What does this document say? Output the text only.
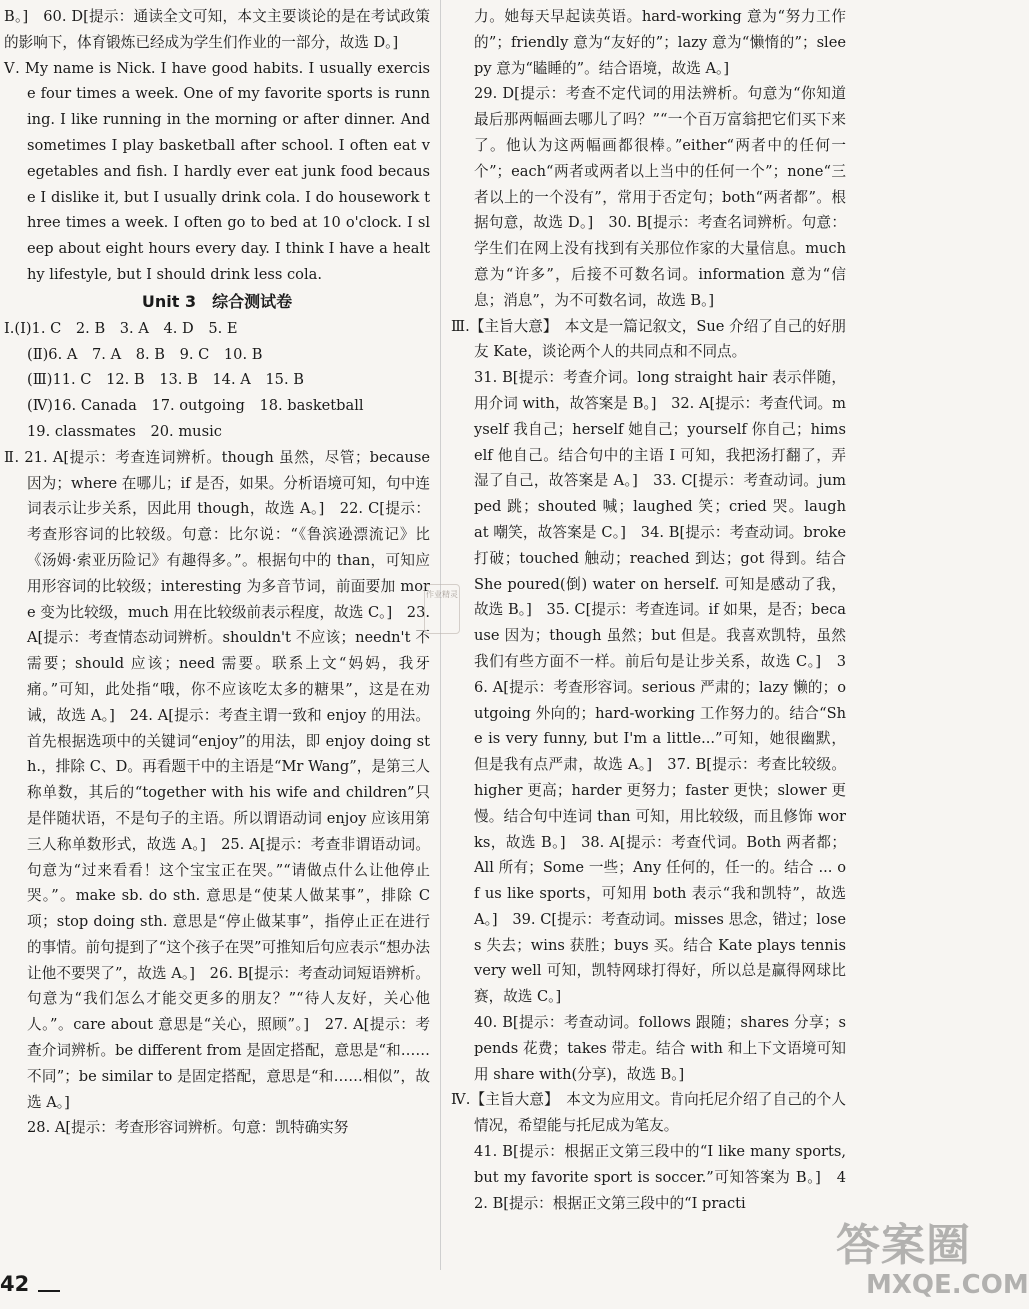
B。]　60. D[提示：通读全文可知，本文主要谈论的是在考试政策的影响下，体育锻炼已经成为学生们作业的一部分，故选 D。]

Ⅴ. My name is Nick. I have good habits. I usually exercise four times a week. One of my favorite sports is running. I like running in the morning or after dinner. And sometimes I play basketball after school. I often eat vegetables and fish. I hardly ever eat junk food because I dislike it, but I usually drink cola. I do housework three times a week. I often go to bed at 10 o'clock. I sleep about eight hours every day. I think I have a healthy lifestyle, but I should drink less cola.

Unit 3　综合测试卷

Ⅰ.(Ⅰ)1. C　2. B　3. A　4. D　5. E

(Ⅱ)6. A　7. A　8. B　9. C　10. B

(Ⅲ)11. C　12. B　13. B　14. A　15. B

(Ⅳ)16. Canada　17. outgoing　18. basketball

19. classmates　20. music

Ⅱ. 21. A[提示：考查连词辨析。though 虽然，尽管；because 因为；where 在哪儿；if 是否，如果。分析语境可知，句中连词表示让步关系，因此用 though，故选 A。]　22. C[提示：考查形容词的比较级。句意：比尔说：“《鲁滨逊漂流记》比《汤姆·索亚历险记》有趣得多。”。根据句中的 than，可知应用形容词的比较级；interesting 为多音节词，前面要加 more 变为比较级，much 用在比较级前表示程度，故选 C。]　23. A[提示：考查情态动词辨析。shouldn't 不应该；needn't 不需要；should 应该；need 需要。联系上文“妈妈，我牙痛。”可知，此处指“哦，你不应该吃太多的糖果”，这是在劝诫，故选 A。]　24. A[提示：考查主谓一致和 enjoy 的用法。首先根据选项中的关键词“enjoy”的用法，即 enjoy doing sth.，排除 C、D。再看题干中的主语是“Mr Wang”，是第三人称单数，其后的“together with his wife and children”只是伴随状语，不是句子的主语。所以谓语动词 enjoy 应该用第三人称单数形式，故选 A。]　25. A[提示：考查非谓语动词。句意为“过来看看！这个宝宝正在哭。”“请做点什么让他停止哭。”。make sb. do sth. 意思是“使某人做某事”，排除 C 项；stop doing sth. 意思是“停止做某事”，指停止正在进行的事情。前句提到了“这个孩子在哭”可推知后句应表示“想办法让他不要哭了”，故选 A。]　26. B[提示：考查动词短语辨析。句意为“我们怎么才能交更多的朋友？”“待人友好，关心他人。”。care about 意思是“关心，照顾”。]　27. A[提示：考查介词辨析。be different from 是固定搭配，意思是“和……不同”；be similar to 是固定搭配，意思是“和……相似”，故选 A。]

28. A[提示：考查形容词辨析。句意：凯特确实努

力。她每天早起读英语。hard-working 意为“努力工作的”；friendly 意为“友好的”；lazy 意为“懒惰的”；sleepy 意为“瞌睡的”。结合语境，故选 A。]

29. D[提示：考查不定代词的用法辨析。句意为“你知道最后那两幅画去哪儿了吗？”“一个百万富翁把它们买下来了。他认为这两幅画都很棒。”either“两者中的任何一个”；each“两者或两者以上当中的任何一个”；none“三者以上的一个没有”，常用于否定句；both“两者都”。根据句意，故选 D。]　30. B[提示：考查名词辨析。句意：学生们在网上没有找到有关那位作家的大量信息。much 意为“许多”，后接不可数名词。information 意为“信息；消息”，为不可数名词，故选 B。]

Ⅲ.【主旨大意】　本文是一篇记叙文，Sue 介绍了自己的好朋友 Kate，谈论两个人的共同点和不同点。

31. B[提示：考查介词。long straight hair 表示伴随，用介词 with，故答案是 B。]　32. A[提示：考查代词。myself 我自己；herself 她自己；yourself 你自己；himself 他自己。结合句中的主语 I 可知，我把汤打翻了，弄湿了自己，故答案是 A。]　33. C[提示：考查动词。jumped 跳；shouted 喊；laughed 笑；cried 哭。laugh at 嘲笑，故答案是 C。]　34. B[提示：考查动词。broke 打破；touched 触动；reached 到达；got 得到。结合 She poured(倒) water on herself. 可知是感动了我，故选 B。]　35. C[提示：考查连词。if 如果，是否；because 因为；though 虽然；but 但是。我喜欢凯特，虽然我们有些方面不一样。前后句是让步关系，故选 C。]　36. A[提示：考查形容词。serious 严肃的；lazy 懒的；outgoing 外向的；hard-working 工作努力的。结合“She is very funny, but I'm a little...”可知，她很幽默，但是我有点严肃，故选 A。]　37. B[提示：考查比较级。higher 更高；harder 更努力；faster 更快；slower 更慢。结合句中连词 than 可知，用比较级，而且修饰 works，故选 B。]　38. A[提示：考查代词。Both 两者都；All 所有；Some 一些；Any 任何的，任一的。结合 ... of us like sports，可知用 both 表示“我和凯特”，故选 A。]　39. C[提示：考查动词。misses 思念，错过；loses 失去；wins 获胜；buys 买。结合 Kate plays tennis very well 可知，凯特网球打得好，所以总是赢得网球比赛，故选 C。]

40. B[提示：考查动词。follows 跟随；shares 分享；spends 花费；takes 带走。结合 with 和上下文语境可知用 share with(分享)，故选 B。]

Ⅳ.【主旨大意】　本文为应用文。肯向托尼介绍了自己的个人情况，希望能与托尼成为笔友。

41. B[提示：根据正文第三段中的“I like many sports, but my favorite sport is soccer.”可知答案为 B。]　42. B[提示：根据正文第三段中的“I practi

作业精灵
42
答案圈
MXQE.COM
